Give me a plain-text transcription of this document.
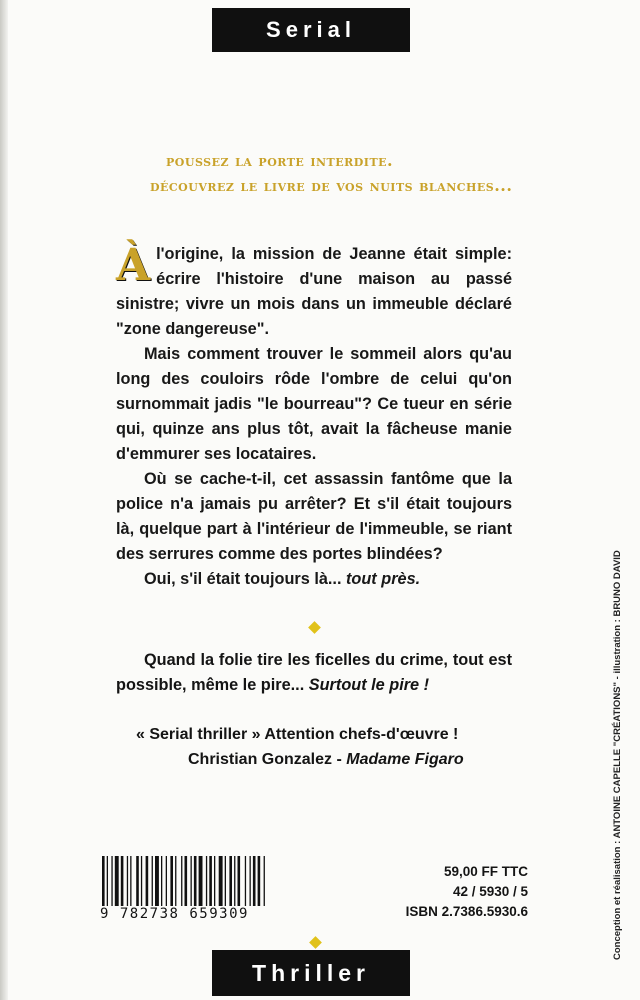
Serial
poussez la porte interdite.
découvrez le livre de vos nuits blanches...

Àl'origine, la mission de Jeanne était simple: écrire l'histoire d'une maison au passé sinistre; vivre un mois dans un immeuble déclaré "zone dangereuse".

Mais comment trouver le sommeil alors qu'au long des couloirs rôde l'ombre de celui qu'on surnommait jadis "le bourreau"? Ce tueur en série qui, quinze ans plus tôt, avait la fâcheuse manie d'emmurer ses locataires.

Où se cache-t-il, cet assassin fantôme que la police n'a jamais pu arrêter? Et s'il était toujours là, quelque part à l'intérieur de l'immeuble, se riant des serrures comme des portes blindées?

Oui, s'il était toujours là... tout près.

Quand la folie tire les ficelles du crime, tout est possible, même le pire... Surtout le pire !

« Serial thriller » Attention chefs-d'œuvre !
Christian Gonzalez - Madame Figaro
9 782738 659309
59,00 FF TTC
42 / 5930 / 5
ISBN 2.7386.5930.6	Conception et réalisation : ANTOINE CAPELLE "CRÉATIONS" - illustration : BRUNO DAVID
Thriller
